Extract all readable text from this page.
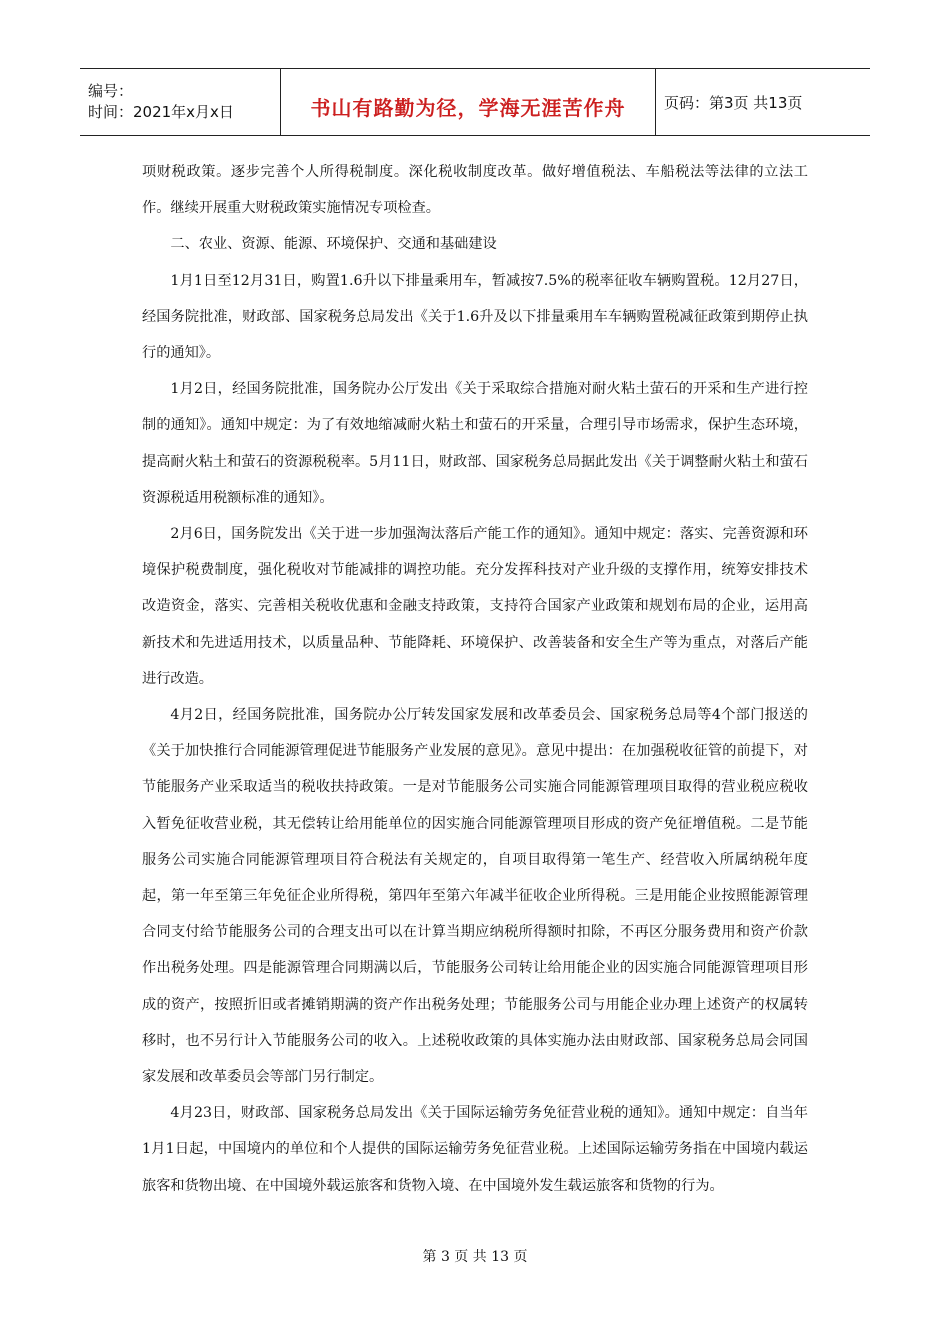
编号：
时间：2021年x月x日	书山有路勤为径，学海无涯苦作舟	页码：第3页 共13页

项财税政策。逐步完善个人所得税制度。深化税收制度改革。做好增值税法、车船税法等法律的立法工作。继续开展重大财税政策实施情况专项检查。

二、农业、资源、能源、环境保护、交通和基础建设

1月1日至12月31日，购置1.6升以下排量乘用车，暂减按7.5%的税率征收车辆购置税。12月27日，经国务院批准，财政部、国家税务总局发出《关于1.6升及以下排量乘用车车辆购置税减征政策到期停止执行的通知》。

1月2日，经国务院批准，国务院办公厅发出《关于采取综合措施对耐火粘土萤石的开采和生产进行控制的通知》。通知中规定：为了有效地缩减耐火粘土和萤石的开采量，合理引导市场需求，保护生态环境，提高耐火粘土和萤石的资源税税率。5月11日，财政部、国家税务总局据此发出《关于调整耐火粘土和萤石资源税适用税额标准的通知》。

2月6日，国务院发出《关于进一步加强淘汰落后产能工作的通知》。通知中规定：落实、完善资源和环境保护税费制度，强化税收对节能减排的调控功能。充分发挥科技对产业升级的支撑作用，统筹安排技术改造资金，落实、完善相关税收优惠和金融支持政策，支持符合国家产业政策和规划布局的企业，运用高新技术和先进适用技术，以质量品种、节能降耗、环境保护、改善装备和安全生产等为重点，对落后产能进行改造。

4月2日，经国务院批准，国务院办公厅转发国家发展和改革委员会、国家税务总局等4个部门报送的《关于加快推行合同能源管理促进节能服务产业发展的意见》。意见中提出：在加强税收征管的前提下，对节能服务产业采取适当的税收扶持政策。一是对节能服务公司实施合同能源管理项目取得的营业税应税收入暂免征收营业税，其无偿转让给用能单位的因实施合同能源管理项目形成的资产免征增值税。二是节能服务公司实施合同能源管理项目符合税法有关规定的，自项目取得第一笔生产、经营收入所属纳税年度起，第一年至第三年免征企业所得税，第四年至第六年减半征收企业所得税。三是用能企业按照能源管理合同支付给节能服务公司的合理支出可以在计算当期应纳税所得额时扣除，不再区分服务费用和资产价款作出税务处理。四是能源管理合同期满以后，节能服务公司转让给用能企业的因实施合同能源管理项目形成的资产，按照折旧或者摊销期满的资产作出税务处理；节能服务公司与用能企业办理上述资产的权属转移时，也不另行计入节能服务公司的收入。上述税收政策的具体实施办法由财政部、国家税务总局会同国家发展和改革委员会等部门另行制定。

4月23日，财政部、国家税务总局发出《关于国际运输劳务免征营业税的通知》。通知中规定：自当年1月1日起，中国境内的单位和个人提供的国际运输劳务免征营业税。上述国际运输劳务指在中国境内载运旅客和货物出境、在中国境外载运旅客和货物入境、在中国境外发生载运旅客和货物的行为。

第 3 页 共 13 页
